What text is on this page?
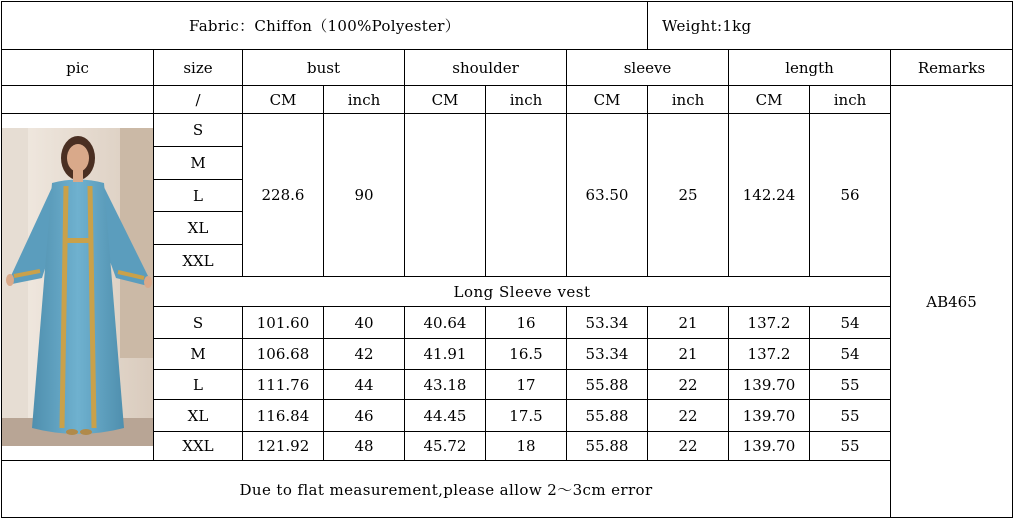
Fabric：Chiffon（100%Polyester）							Weight:1kg			
pic	size	bust		shoulder		sleeve		length		Remarks
	/	CM	inch	CM	inch	CM	inch	CM	inch	AB465

	S	228.6	90			63.50	25	142.24	56	
	M									
	L									
	XL									
	XXL									
	Long Sleeve vest									
	S	101.60	40	40.64	16	53.34	21	137.2	54	
	M	106.68	42	41.91	16.5	53.34	21	137.2	54	
	L	111.76	44	43.18	17	55.88	22	139.70	55	
	XL	116.84	46	44.45	17.5	55.88	22	139.70	55	
	XXL	121.92	48	45.72	18	55.88	22	139.70	55	
Due to flat measurement,please allow 2～3cm error										
